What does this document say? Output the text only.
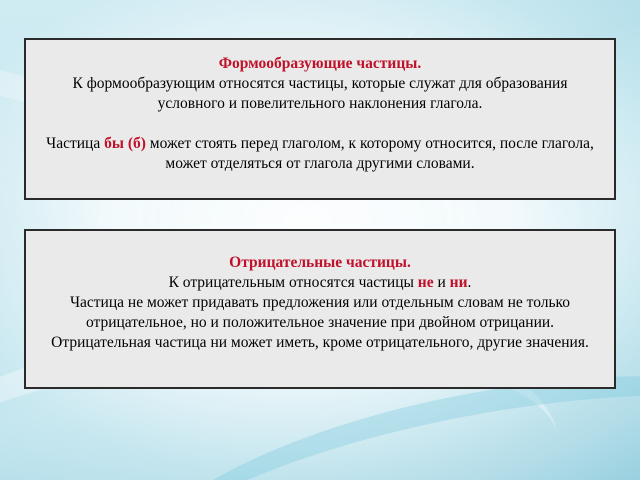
Формообразующие частицы.
К формообразующим относятся частицы, которые служат для образования условного и повелительного наклонения глагола.
Частица бы (б) может стоять перед глаголом, к которому относится, после глагола, может отделяться от глагола другими словами.
Отрицательные частицы.
К отрицательным относятся частицы не и ни.
Частица не может придавать предложения или отдельным словам не только отрицательное, но и положительное значение при двойном отрицании.
Отрицательная частица ни может иметь, кроме отрицательного, другие значения.
